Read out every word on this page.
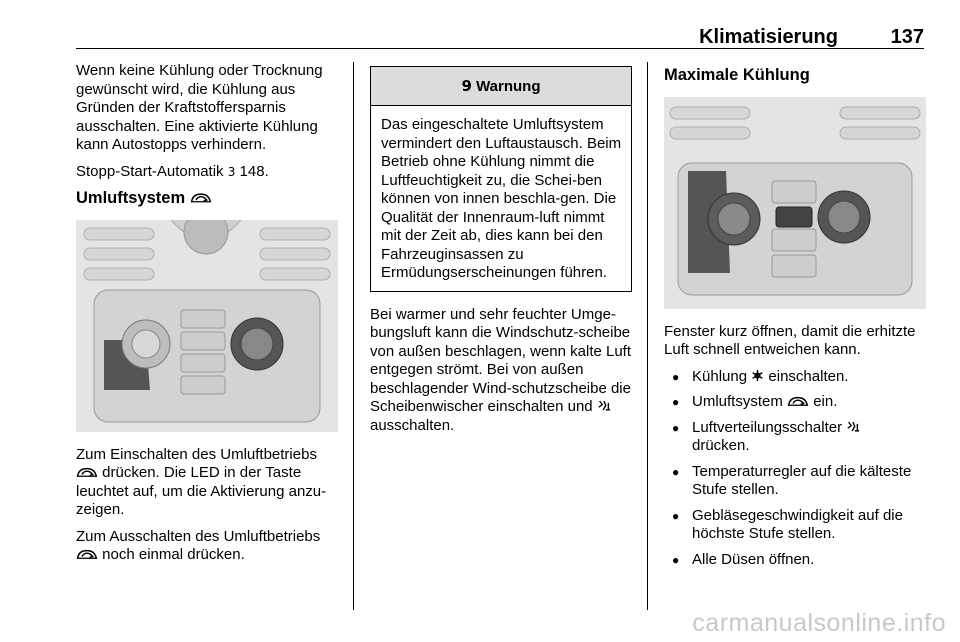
Klimatisierung	137

Wenn keine Kühlung oder Trocknung gewünscht wird, die Kühlung aus Gründen der Kraftstoffersparnis ausschalten. Eine aktivierte Kühlung kann Autostopps verhindern.

Stopp-Start-Automatik 3 148.

Umluftsystem

Zum Einschalten des Umluftbetriebs
drücken. Die LED in der Taste leuchtet auf, um die Aktivierung anzu-zeigen.

Zum Ausschalten des Umluftbetriebs
noch einmal drücken.

9 Warnung
Das eingeschaltete Umluftsystem vermindert den Luftaustausch. Beim Betrieb ohne Kühlung nimmt die Luftfeuchtigkeit zu, die Schei-ben können von innen beschla-gen. Die Qualität der Innenraum-luft nimmt mit der Zeit ab, dies kann bei den Fahrzeuginsassen zu Ermüdungserscheinungen führen.

Bei warmer und sehr feuchter Umge-bungsluft kann die Windschutz-scheibe von außen beschlagen, wenn kalte Luft entgegen strömt. Bei von außen beschlagender Wind-schutzscheibe die Scheibenwischer einschalten und  ausschalten.

Maximale Kühlung

Fenster kurz öffnen, damit die erhitzte Luft schnell entweichen kann.

● Kühlung einschalten.
● Umluftsystem ein.
● Luftverteilungsschalter
drücken.
● Temperaturregler auf die kälteste Stufe stellen.
● Gebläsegeschwindigkeit auf die höchste Stufe stellen.
● Alle Düsen öffnen.
carmanualsonline.info
